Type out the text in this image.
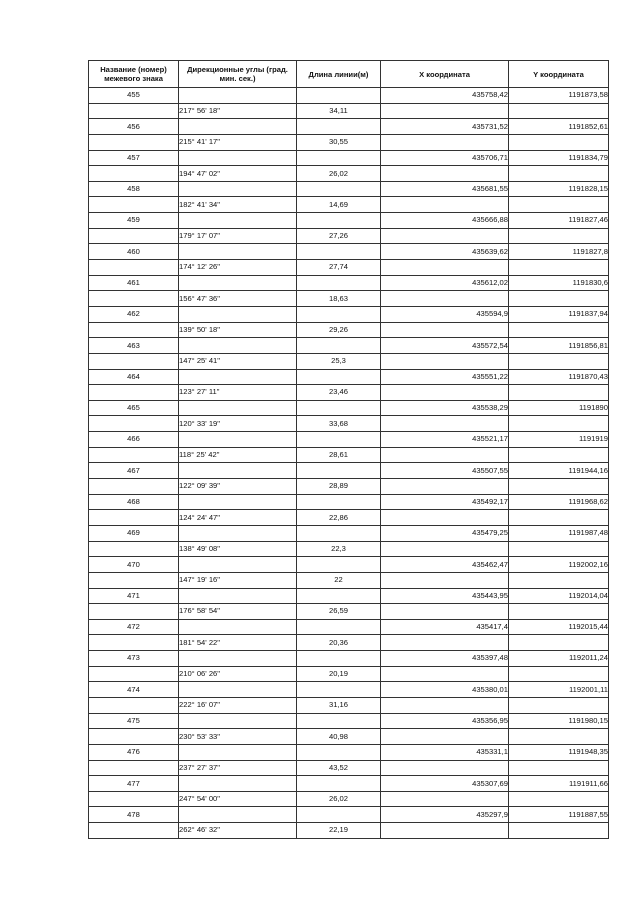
Название (номер) межевого знака	Дирекционные углы (град. мин. сек.)	Длина линии(м)	X координата	Y координата
455			435758,42	1191873,58
	217° 56' 18"	34,11		
456			435731,52	1191852,61
	215° 41' 17"	30,55		
457			435706,71	1191834,79
	194° 47' 02"	26,02		
458			435681,55	1191828,15
	182° 41' 34"	14,69		
459			435666,88	1191827,46
	179° 17' 07"	27,26		
460			435639,62	1191827,8
	174° 12' 26"	27,74		
461			435612,02	1191830,6
	156° 47' 36"	18,63		
462			435594,9	1191837,94
	139° 50' 18"	29,26		
463			435572,54	1191856,81
	147° 25' 41"	25,3		
464			435551,22	1191870,43
	123° 27' 11"	23,46		
465			435538,29	1191890
	120° 33' 19"	33,68		
466			435521,17	1191919
	118° 25' 42"	28,61		
467			435507,55	1191944,16
	122° 09' 39"	28,89		
468			435492,17	1191968,62
	124° 24' 47"	22,86		
469			435479,25	1191987,48
	138° 49' 08"	22,3		
470			435462,47	1192002,16
	147° 19' 16"	22		
471			435443,95	1192014,04
	176° 58' 54"	26,59		
472			435417,4	1192015,44
	181° 54' 22"	20,36		
473			435397,48	1192011,24
	210° 06' 26"	20,19		
474			435380,01	1192001,11
	222° 16' 07"	31,16		
475			435356,95	1191980,15
	230° 53' 33"	40,98		
476			435331,1	1191948,35
	237° 27' 37"	43,52		
477			435307,69	1191911,66
	247° 54' 00"	26,02		
478			435297,9	1191887,55
	262° 46' 32"	22,19		
